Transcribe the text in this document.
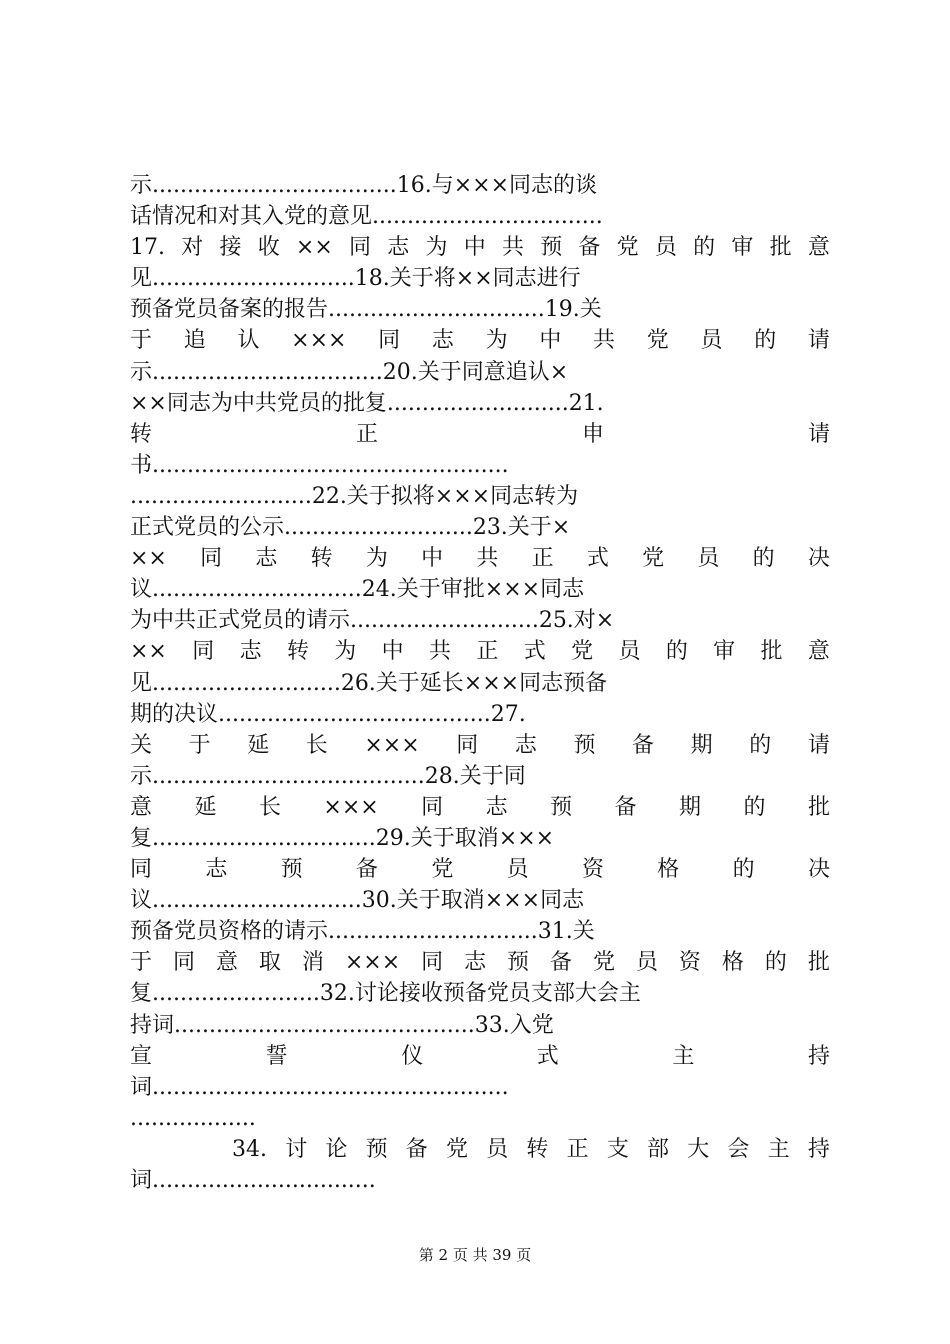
示...................................16.与×××同志的谈
话情况和对其入党的意见.................................
17. 对 接 收 ×× 同 志 为 中 共 预 备 党 员 的 审 批 意
见.............................18.关于将××同志进行
预备党员备案的报告...............................19.关
于 追 认 ××× 同 志 为 中 共 党 员 的 请
示.................................20.关于同意追认×
××同志为中共党员的批复..........................21.
转	正	申	请
书...................................................
..........................22.关于拟将×××同志转为
正式党员的公示...........................23.关于×
×× 同 志 转 为 中 共 正 式 党 员 的 决
议..............................24.关于审批×××同志
为中共正式党员的请示...........................25.对×
×× 同 志 转 为 中 共 正 式 党 员 的 审 批 意
见...........................26.关于延长×××同志预备
期的决议.......................................27.
关 于 延 长 ××× 同 志 预 备 期 的 请
示.......................................28.关于同
意 延 长 ××× 同 志 预 备 期 的 批
复................................29.关于取消×××
同 志 预 备 党 员 资 格 的 决
议..............................30.关于取消×××同志
预备党员资格的请示..............................31.关
于 同 意 取 消 ××× 同 志 预 备 党 员 资 格 的 批
复........................32.讨论接收预备党员支部大会主
持词...........................................33.入党
宣	誓	仪	式	主	持
词...................................................
..................
34. 讨 论 预 备 党 员 转 正 支 部 大 会 主 持
词................................
第 2 页 共 39 页
